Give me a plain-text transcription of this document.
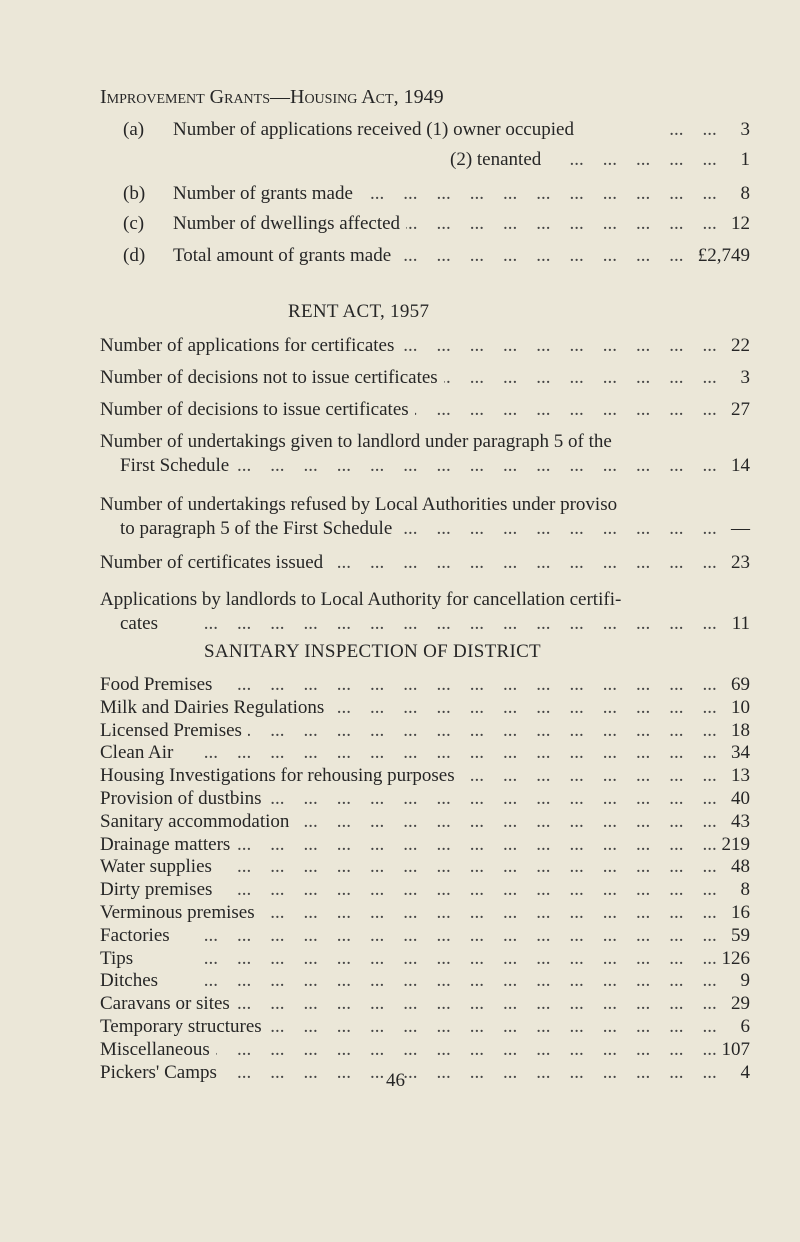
Improvement Grants—Housing Act, 1949
(a) Number of applications received (1) owner occupied ...	3
(2) tenanted ...	1
(b) Number of grants made ...	8
(c) Number of dwellings affected ...	12
(d) Total amount of grants made ...	£2,749
RENT ACT, 1957
Number of applications for certificates ...	22
Number of decisions not to issue certificates ...	3
Number of decisions to issue certificates ...	27
Number of undertakings given to landlord under paragraph 5 of the
First Schedule ...	14
Number of undertakings refused by Local Authorities under proviso
to paragraph 5 of the First Schedule ...	—
Number of certificates issued ...	23
Applications by landlords to Local Authority for cancellation certifi-
cates ...	11
SANITARY INSPECTION OF DISTRICT
Food Premises ...	69
Milk and Dairies Regulations ...	10
Licensed Premises ...	18
Clean Air ...	34
Housing Investigations for rehousing purposes ...	13
Provision of dustbins ...	40
Sanitary accommodation ...	43
Drainage matters ...	219
Water supplies ...	48
Dirty premises ...	8
Verminous premises ...	16
Factories ...	59
Tips ...	126
Ditches ...	9
Caravans or sites ...	29
Temporary structures ...	6
Miscellaneous ...	107
Pickers' Camps ...	4
46
